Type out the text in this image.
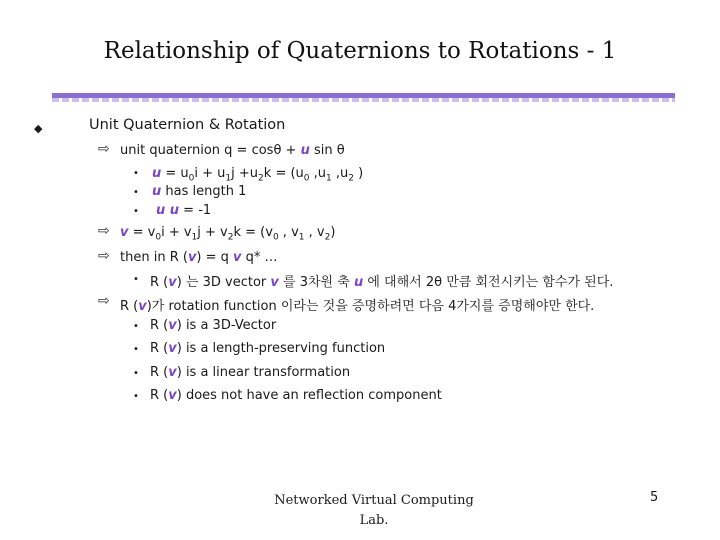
Relationship of Quaternions to Rotations - 1
◆	Unit Quaternion & Rotation
⇨ unit quaternion q = cosθ + u sin θ
• $u = u_0i + u_1j +u_2k = (u_0$ $,u_1$ $,u_2$ )
• u has length 1
• u u = -1
⇨ $v = v_0i + v_1j + v_2k = (v_0$ , $v_1$ , $v_2$)
⇨ then in R (v) = q v q* …
• R (v) 는 3D vector v 를 3차원 축 u 에 대해서 2θ 만큼 회전시키는 함수가 된다.
⇨ R (v)가 rotation function 이라는 것을 증명하려면 다음 4가지를 증명해야만 한다.
• R (v) is a 3D-Vector
• R (v) is a length-preserving function
• R (v) is a linear transformation
• R (v) does not have an reflection component
Networked Virtual Computing
Lab.
5
